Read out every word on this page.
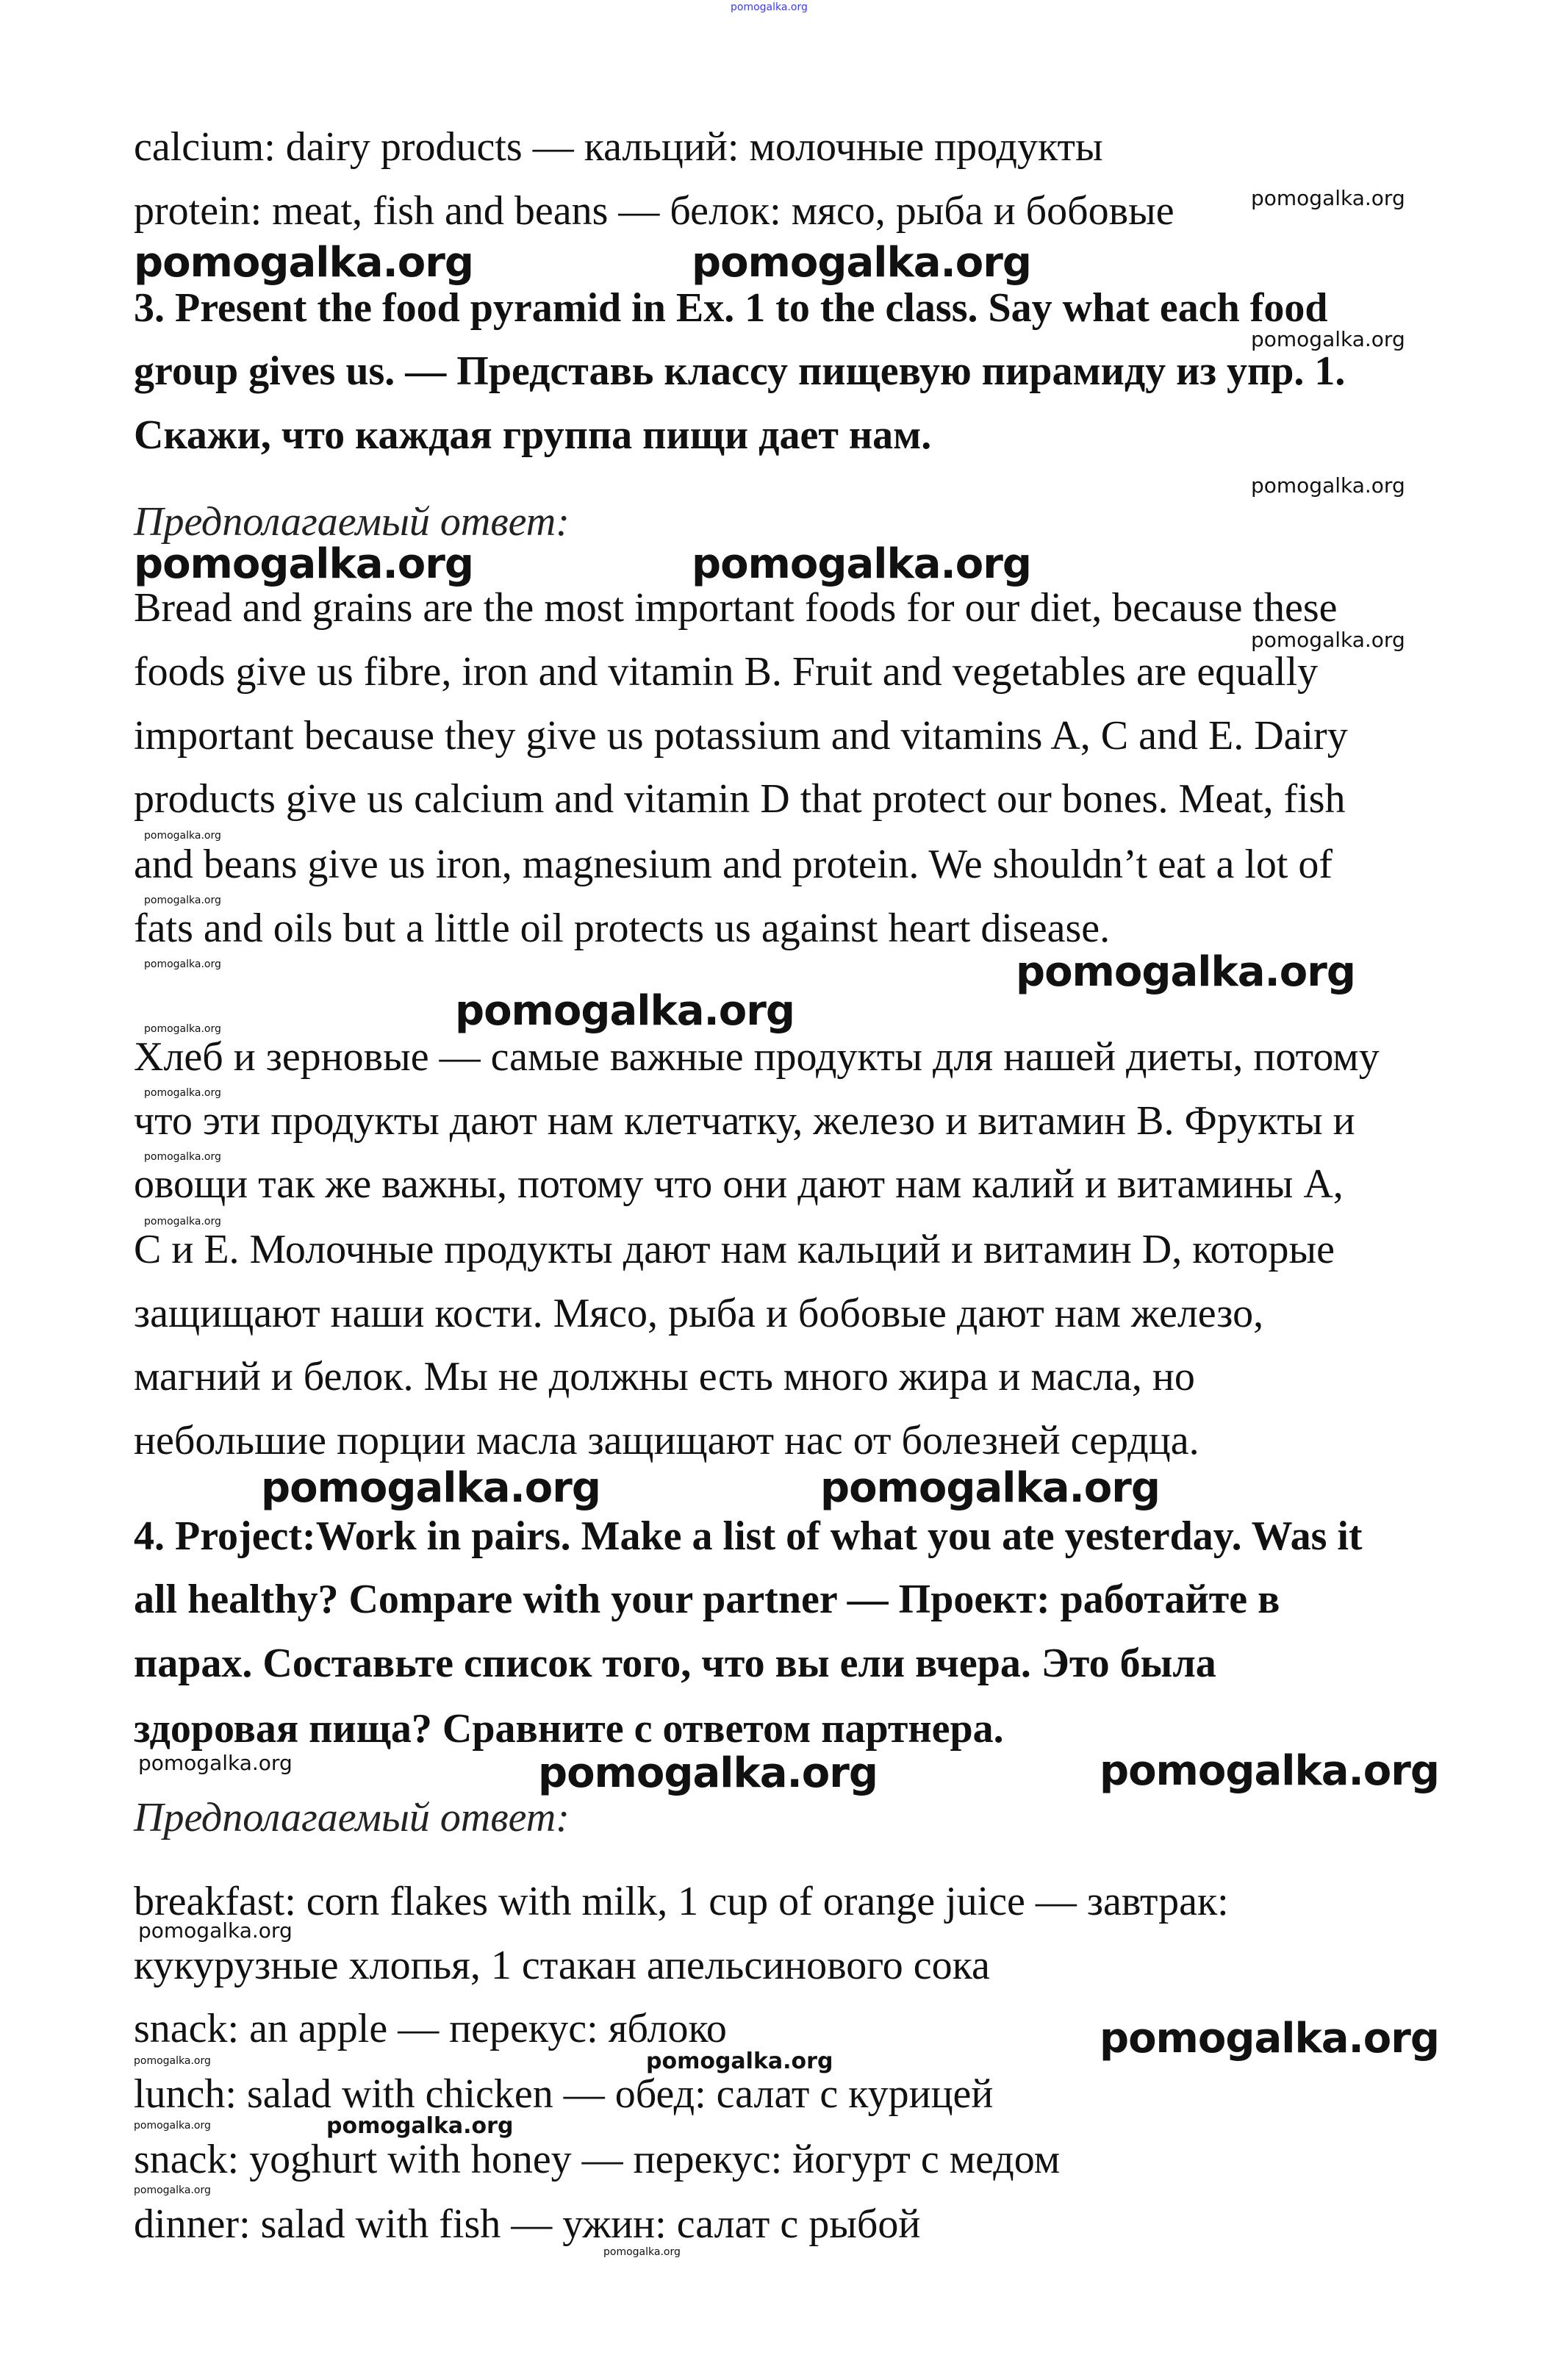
pomogalka.org
pomogalka.org	pomogalka.org
pomogalka.org	pomogalka.org
pomogalka.org
pomogalka.org
pomogalka.org	pomogalka.org
pomogalka.org	pomogalka.org
pomogalka.org
pomogalka.org
pomogalka.org
pomogalka.org
pomogalka.org
pomogalka.org
pomogalka.org
pomogalka.org
pomogalka.org
pomogalka.org
pomogalka.org
pomogalka.org
pomogalka.org
pomogalka.org
pomogalka.org
pomogalka.org
pomogalka.org
pomogalka.org
pomogalka.org
pomogalka.org
calcium: dairy products — кальций: молочные продукты
protein: meat, fish and beans — белок: мясо, рыба и бобовые
3. Present the food pyramid in Ex. 1 to the class. Say what each food
group gives us. — Представь классу пищевую пирамиду из упр. 1.
Скажи, что каждая группа пищи дает нам.
Предполагаемый ответ:
Bread and grains are the most important foods for our diet, because these
foods give us fibre, iron and vitamin B. Fruit and vegetables are equally
important because they give us potassium and vitamins A, C and E. Dairy
products give us calcium and vitamin D that protect our bones. Meat, fish
and beans give us iron, magnesium and protein. We shouldn’t eat a lot of
fats and oils but a little oil protects us against heart disease.
Хлеб и зерновые — самые важные продукты для нашей диеты, потому
что эти продукты дают нам клетчатку, железо и витамин B. Фрукты и
овощи так же важны, потому что они дают нам калий и витамины A,
C и E. Молочные продукты дают нам кальций и витамин D, которые
защищают наши кости. Мясо, рыба и бобовые дают нам железо,
магний и белок. Мы не должны есть много жира и масла, но
небольшие порции масла защищают нас от болезней сердца.
4. Project:Work in pairs. Make a list of what you ate yesterday. Was it
all healthy? Compare with your partner — Проект: работайте в
парах. Составьте список того, что вы ели вчера. Это была
здоровая пища? Сравните с ответом партнера.
Предполагаемый ответ:
breakfast: corn flakes with milk, 1 cup of orange juice — завтрак:
кукурузные хлопья, 1 стакан апельсинового сока
snack: an apple — перекус: яблоко
lunch: salad with chicken — обед: салат с курицей
snack: yoghurt with honey — перекус: йогурт с медом
dinner: salad with fish — ужин: салат с рыбой
